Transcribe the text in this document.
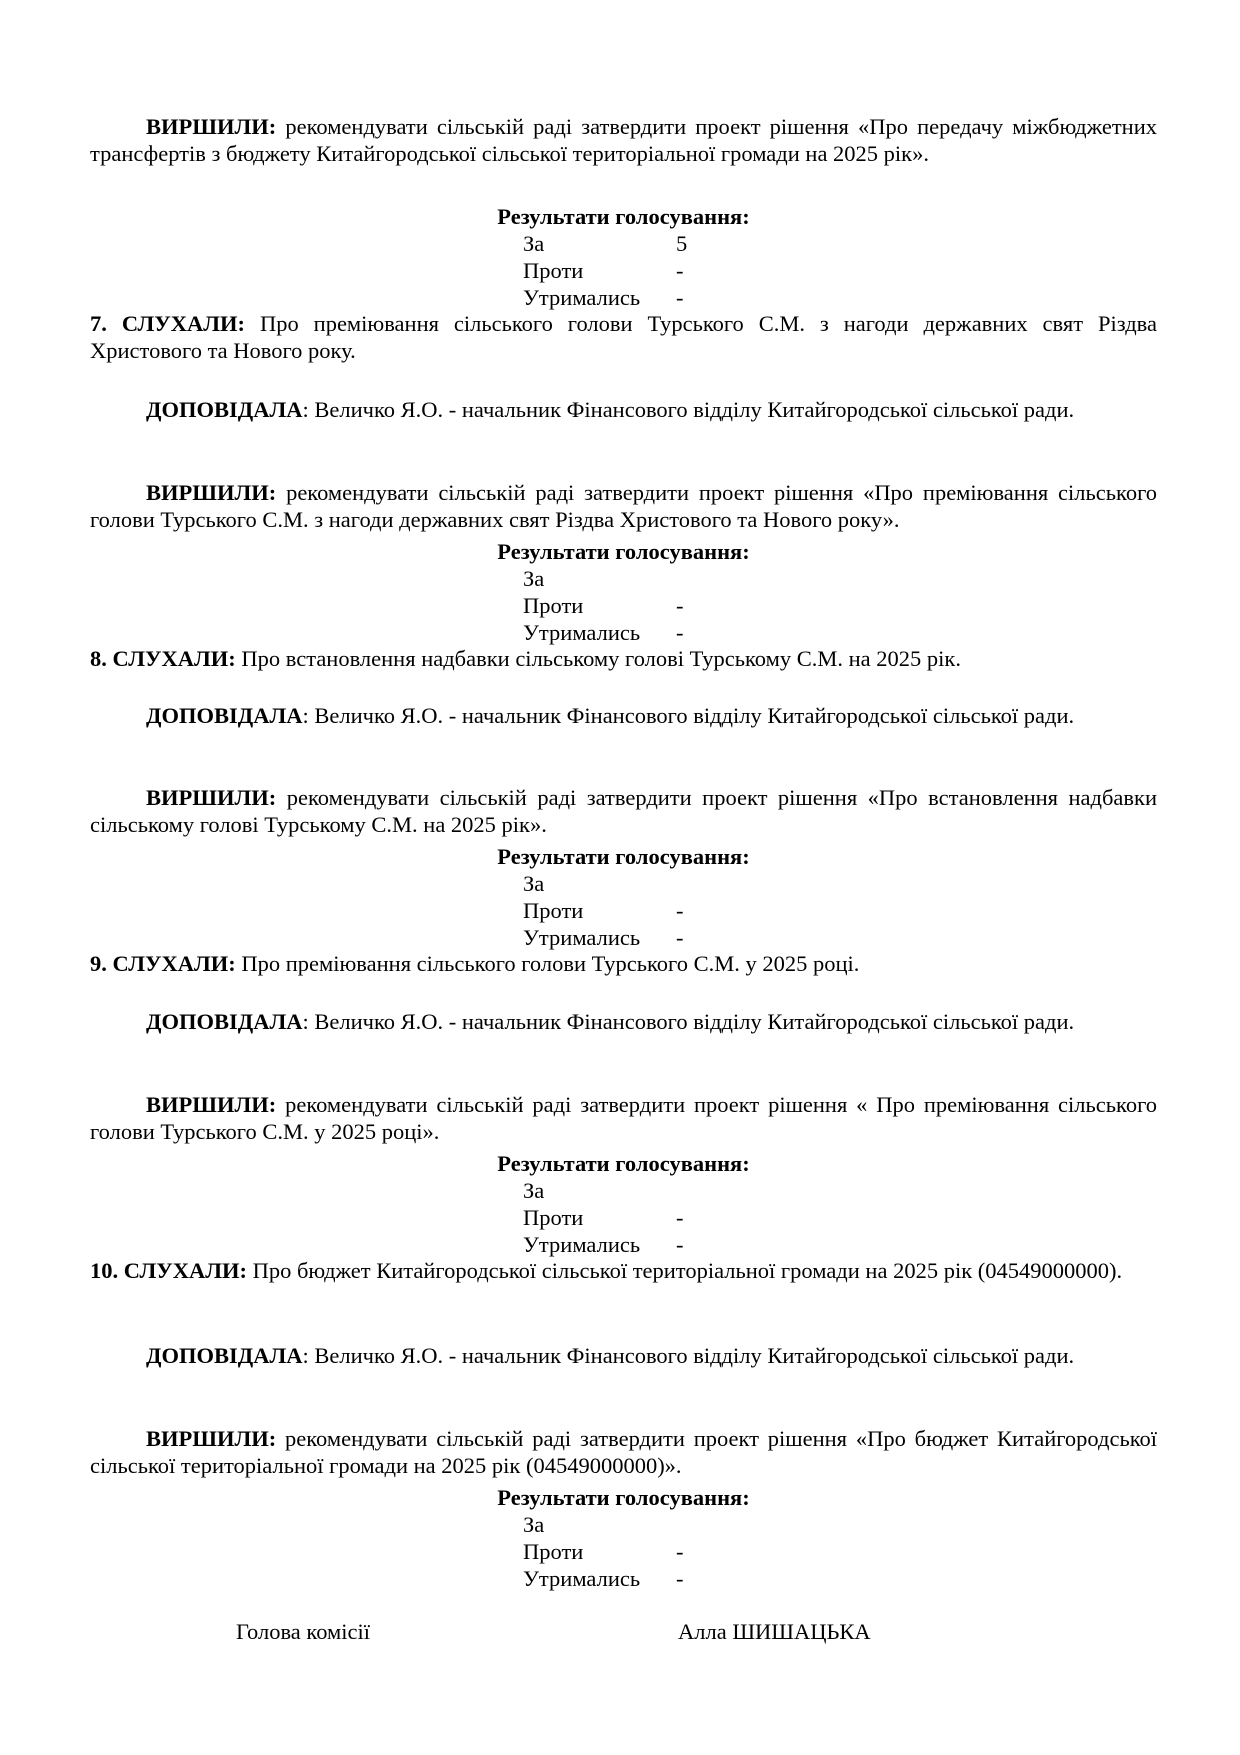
ВИРШИЛИ: рекомендувати сільській раді затвердити проект рішення «Про передачу міжбюджетних трансфертів з бюджету Китайгородської сільської територіальної громади на 2025 рік».

Результати голосування:
За	5
Проти	-
Утримались -

7. СЛУХАЛИ: Про преміювання сільського голови Турського С.М. з нагоди державних свят Різдва Христового та Нового року.

ДОПОВІДАЛА: Величко Я.О. - начальник Фінансового відділу Китайгородської сільської ради.

ВИРШИЛИ: рекомендувати сільській раді затвердити проект рішення «Про преміювання сільського голови Турського С.М. з нагоди державних свят Різдва Христового та Нового року».

Результати голосування:
За
Проти	-
Утримались -

8. СЛУХАЛИ: Про встановлення надбавки сільському голові Турському С.М. на 2025 рік.

ДОПОВІДАЛА: Величко Я.О. - начальник Фінансового відділу Китайгородської сільської ради.

ВИРШИЛИ: рекомендувати сільській раді затвердити проект рішення «Про встановлення надбавки сільському голові Турському С.М. на 2025 рік».

Результати голосування:
За
Проти	-
Утримались -

9. СЛУХАЛИ: Про преміювання сільського голови Турського С.М. у 2025 році.

ДОПОВІДАЛА: Величко Я.О. - начальник Фінансового відділу Китайгородської сільської ради.

ВИРШИЛИ: рекомендувати сільській раді затвердити проект рішення « Про преміювання сільського голови Турського С.М. у 2025 році».

Результати голосування:
За
Проти	-
Утримались -

10. СЛУХАЛИ: Про бюджет Китайгородської сільської територіальної громади на 2025 рік (04549000000).

ДОПОВІДАЛА: Величко Я.О. - начальник Фінансового відділу Китайгородської сільської ради.

ВИРШИЛИ: рекомендувати сільській раді затвердити проект рішення «Про бюджет Китайгородської сільської територіальної громади на 2025 рік (04549000000)».

Результати голосування:
За
Проти	-
Утримались -
Голова комісії	Алла ШИШАЦЬКА
